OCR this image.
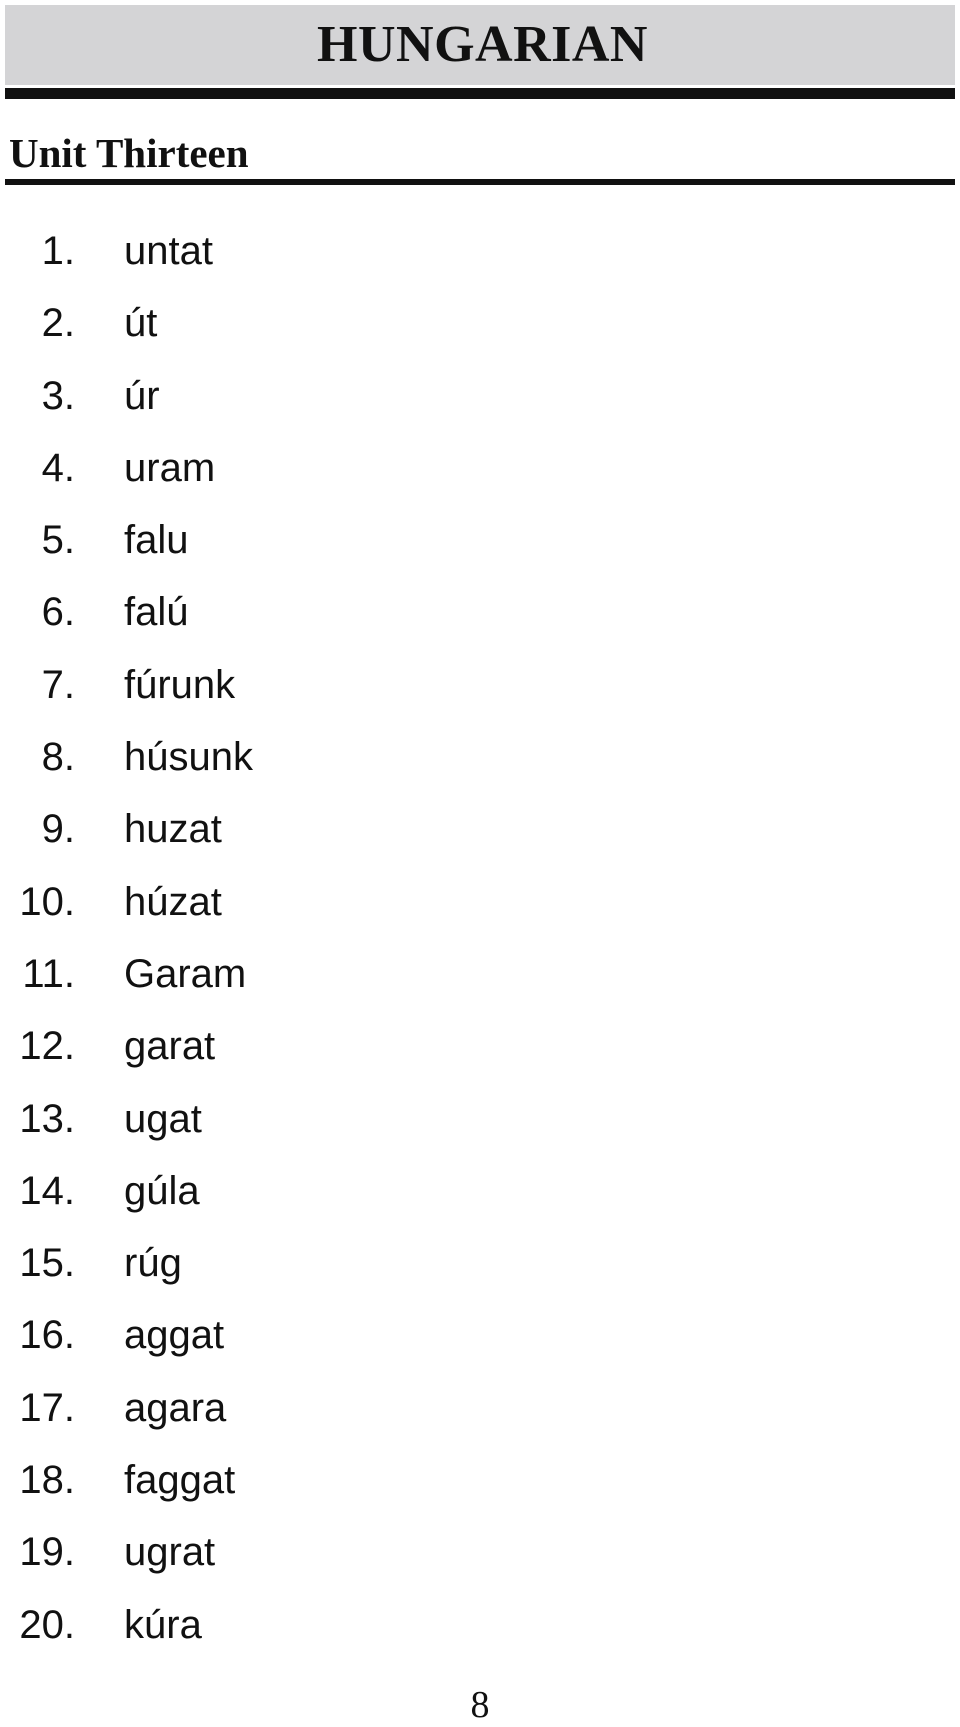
HUNGARIAN
Unit Thirteen
1. untat
2. út
3. úr
4. uram
5. falu
6. falú
7. fúrunk
8. húsunk
9. huzat
10. húzat
11. Garam
12. garat
13. ugat
14. gúla
15. rúg
16. aggat
17. agara
18. faggat
19. ugrat
20. kúra
8
